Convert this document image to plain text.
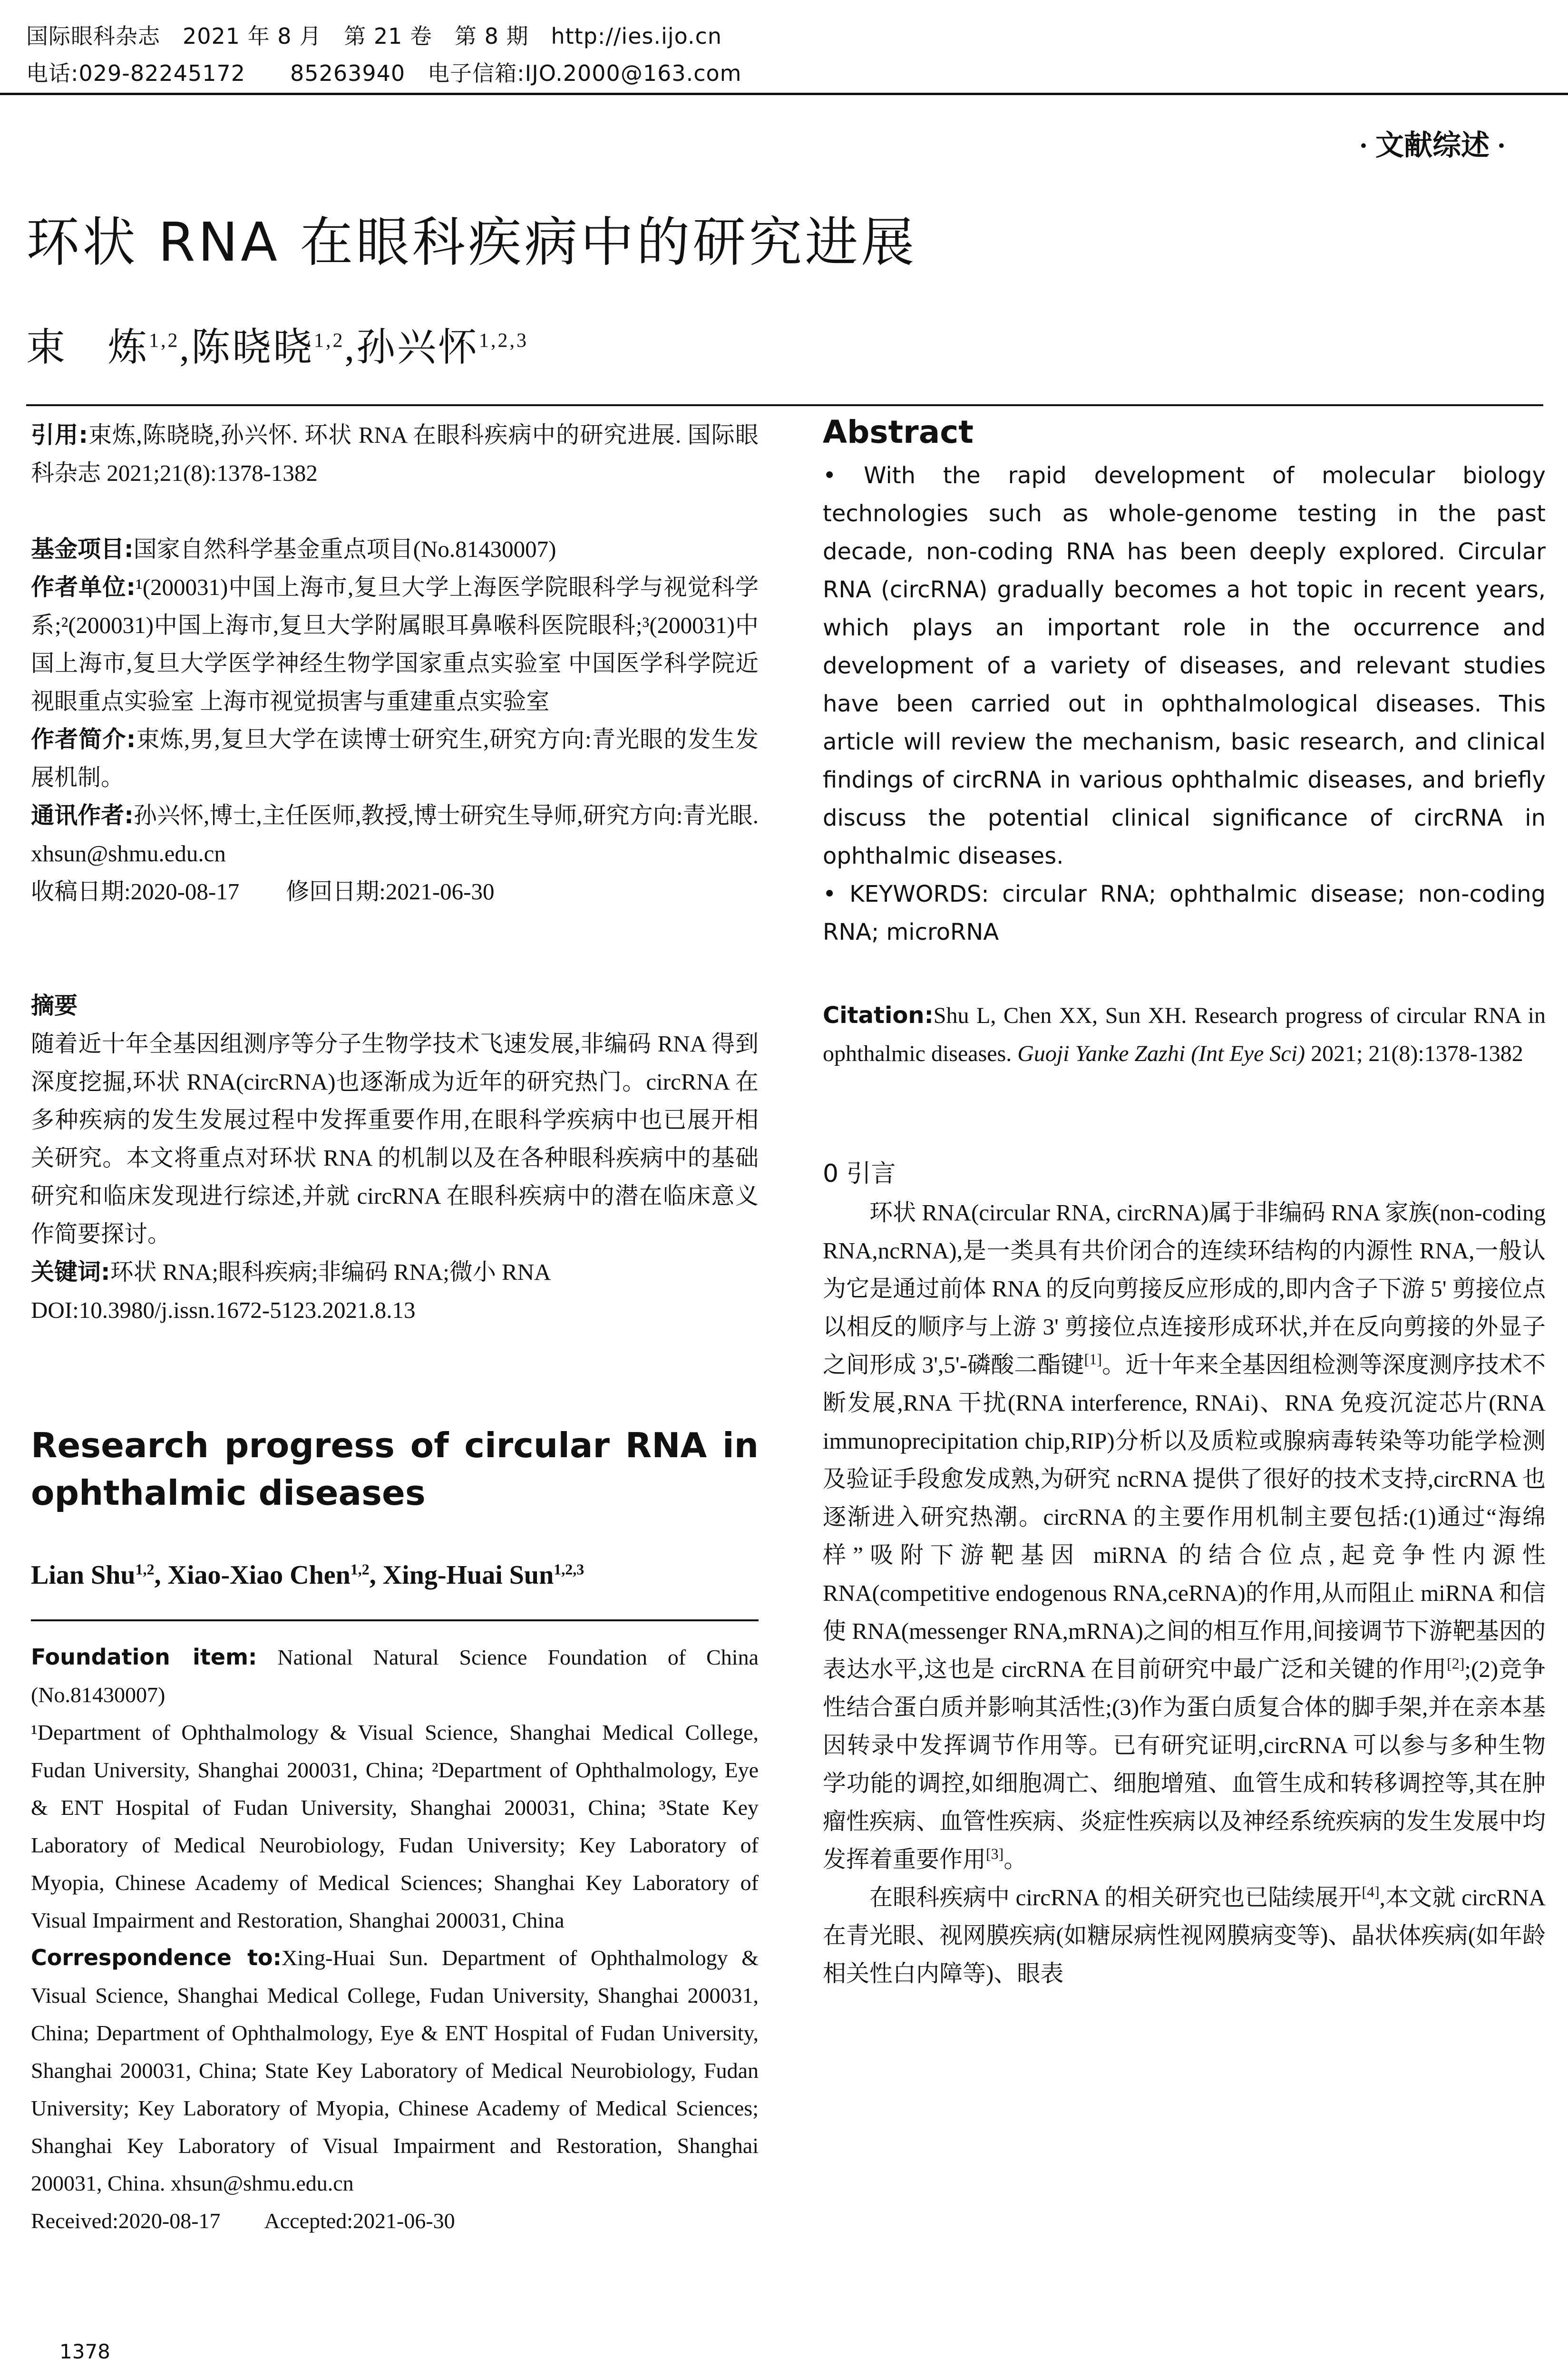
国际眼科杂志　2021 年 8 月　第 21 卷　第 8 期　http://ies.ijo.cn
电话:029-82245172　　85263940　电子信箱:IJO.2000@163.com
· 文献综述 ·
环状 RNA 在眼科疾病中的研究进展
束　炼$^{1,2}$,陈晓晓$^{1,2}$,孙兴怀$^{1,2,3}$

引用:束炼,陈晓晓,孙兴怀. 环状 RNA 在眼科疾病中的研究进展. 国际眼科杂志 2021;21(8):1378-1382

基金项目:国家自然科学基金重点项目(No.81430007)

作者单位:¹(200031)中国上海市,复旦大学上海医学院眼科学与视觉科学系;²(200031)中国上海市,复旦大学附属眼耳鼻喉科医院眼科;³(200031)中国上海市,复旦大学医学神经生物学国家重点实验室 中国医学科学院近视眼重点实验室 上海市视觉损害与重建重点实验室

作者简介:束炼,男,复旦大学在读博士研究生,研究方向:青光眼的发生发展机制。

通讯作者:孙兴怀,博士,主任医师,教授,博士研究生导师,研究方向:青光眼. xhsun@shmu.edu.cn

收稿日期:2020-08-17　　修回日期:2021-06-30

摘要

随着近十年全基因组测序等分子生物学技术飞速发展,非编码 RNA 得到深度挖掘,环状 RNA(circRNA)也逐渐成为近年的研究热门。circRNA 在多种疾病的发生发展过程中发挥重要作用,在眼科学疾病中也已展开相关研究。本文将重点对环状 RNA 的机制以及在各种眼科疾病中的基础研究和临床发现进行综述,并就 circRNA 在眼科疾病中的潜在临床意义作简要探讨。

关键词:环状 RNA;眼科疾病;非编码 RNA;微小 RNA

DOI:10.3980/j.issn.1672-5123.2021.8.13

Research progress of circular RNA in
ophthalmic diseases
Lian Shu$^{1,2}$, Xiao-Xiao Chen$^{1,2}$, Xing-Huai Sun$^{1,2,3}$

Foundation item: National Natural Science Foundation of China (No.81430007)

¹Department of Ophthalmology & Visual Science, Shanghai Medical College, Fudan University, Shanghai 200031, China; ²Department of Ophthalmology, Eye & ENT Hospital of Fudan University, Shanghai 200031, China; ³State Key Laboratory of Medical Neurobiology, Fudan University; Key Laboratory of Myopia, Chinese Academy of Medical Sciences; Shanghai Key Laboratory of Visual Impairment and Restoration, Shanghai 200031, China

Correspondence to:Xing-Huai Sun. Department of Ophthalmology & Visual Science, Shanghai Medical College, Fudan University, Shanghai 200031, China; Department of Ophthalmology, Eye & ENT Hospital of Fudan University, Shanghai 200031, China; State Key Laboratory of Medical Neurobiology, Fudan University; Key Laboratory of Myopia, Chinese Academy of Medical Sciences; Shanghai Key Laboratory of Visual Impairment and Restoration, Shanghai 200031, China. xhsun@shmu.edu.cn

Received:2020-08-17　　Accepted:2021-06-30

Abstract

• With the rapid development of molecular biology technologies such as whole-genome testing in the past decade, non-coding RNA has been deeply explored. Circular RNA (circRNA) gradually becomes a hot topic in recent years, which plays an important role in the occurrence and development of a variety of diseases, and relevant studies have been carried out in ophthalmological diseases. This article will review the mechanism, basic research, and clinical findings of circRNA in various ophthalmic diseases, and briefly discuss the potential clinical significance of circRNA in ophthalmic diseases.

• KEYWORDS: circular RNA; ophthalmic disease; non-coding RNA; microRNA

Citation:Shu L, Chen XX, Sun XH. Research progress of circular RNA in ophthalmic diseases. Guoji Yanke Zazhi (Int Eye Sci) 2021; 21(8):1378-1382

0 引言

环状 RNA(circular RNA, circRNA)属于非编码 RNA 家族(non-coding RNA,ncRNA),是一类具有共价闭合的连续环结构的内源性 RNA,一般认为它是通过前体 RNA 的反向剪接反应形成的,即内含子下游 5' 剪接位点以相反的顺序与上游 3' 剪接位点连接形成环状,并在反向剪接的外显子之间形成 3',5'-磷酸二酯键[1]。近十年来全基因组检测等深度测序技术不断发展,RNA 干扰(RNA interference, RNAi)、RNA 免疫沉淀芯片(RNA immunoprecipitation chip,RIP)分析以及质粒或腺病毒转染等功能学检测及验证手段愈发成熟,为研究 ncRNA 提供了很好的技术支持,circRNA 也逐渐进入研究热潮。circRNA 的主要作用机制主要包括:(1)通过“海绵样”吸附下游靶基因 miRNA 的结合位点,起竞争性内源性 RNA(competitive endogenous RNA,ceRNA)的作用,从而阻止 miRNA 和信使 RNA(messenger RNA,mRNA)之间的相互作用,间接调节下游靶基因的表达水平,这也是 circRNA 在目前研究中最广泛和关键的作用[2];(2)竞争性结合蛋白质并影响其活性;(3)作为蛋白质复合体的脚手架,并在亲本基因转录中发挥调节作用等。已有研究证明,circRNA 可以参与多种生物学功能的调控,如细胞凋亡、细胞增殖、血管生成和转移调控等,其在肿瘤性疾病、血管性疾病、炎症性疾病以及神经系统疾病的发生发展中均发挥着重要作用[3]。

在眼科疾病中 circRNA 的相关研究也已陆续展开[4],本文就 circRNA 在青光眼、视网膜疾病(如糖尿病性视网膜病变等)、晶状体疾病(如年龄相关性白内障等)、眼表

1378
